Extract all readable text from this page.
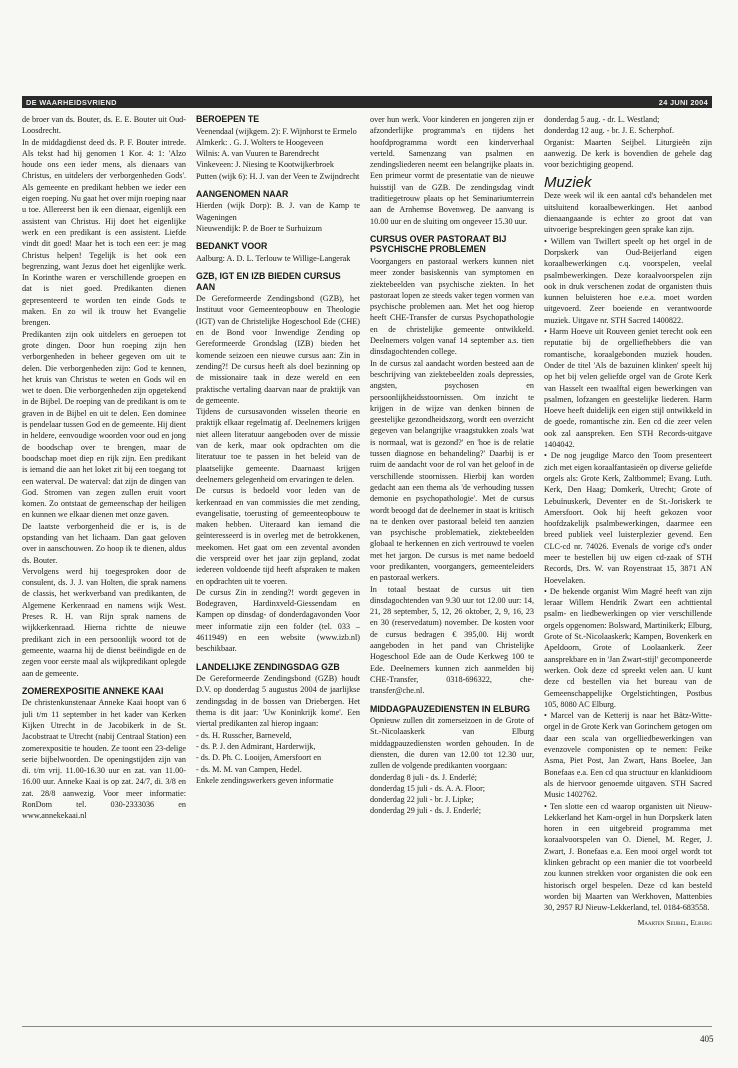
DE WAARHEIDSVRIEND	24 JUNI 2004

de broer van ds. Bouter, ds. E. E. Bouter uit Oud-Loosdrecht.

In de middagdienst deed ds. P. F. Bouter intrede. Als tekst had hij genomen 1 Kor. 4: 1: 'Alzo houde ons een ieder mens, als dienaars van Christus, en uitdelers der verborgenheden Gods'. Als gemeente en predikant hebben we ieder een eigen roeping. Nu gaat het over mijn roeping naar u toe. Allereerst ben ik een dienaar, eigenlijk een assistent van Christus. Hij doet het eigenlijke werk en een predikant is een assistent. Liefde vindt dit goed! Maar het is toch een eer: je mag Christus helpen! Tegelijk is het ook een begrenzing, want Jezus doet het eigenlijke werk. In Korinthe waren er verschillende groepen en dat is niet goed. Predikanten dienen gepresenteerd te worden ten einde Gods te maken. En zo wil ik trouw het Evangelie brengen.

Predikanten zijn ook uitdelers en geroepen tot grote dingen. Door hun roeping zijn hen verborgenheden in beheer gegeven om uit te delen. Die verborgenheden zijn: God te kennen, het kruis van Christus te weten en Gods wil en wet te doen. Die verborgenheden zijn opgetekend in de Bijbel. De roeping van de predikant is om te graven in de Bijbel en uit te delen. Een dominee is pendelaar tussen God en de gemeente. Hij dient in heldere, eenvoudige woorden voor oud en jong de boodschap over te brengen, maar de boodschap moet diep en rijk zijn. Een predikant is iemand die aan het loket zit bij een toegang tot een waterval. De waterval: dat zijn de dingen van God. Stromen van zegen zullen eruit voort komen. Zo ontstaat de gemeenschap der heiligen en kunnen we elkaar dienen met onze gaven.

De laatste verborgenheid die er is, is de opstanding van het lichaam. Dan gaat geloven over in aanschouwen. Zo hoop ik te dienen, aldus ds. Bouter.

Vervolgens werd hij toegesproken door de consulent, ds. J. J. van Holten, die sprak namens de classis, het werkverband van predikanten, de Algemene Kerkenraad en namens wijk West. Preses R. H. van Rijn sprak namens de wijkkerkenraad. Hierna richtte de nieuwe predikant zich in een persoonlijk woord tot de gemeente, waarna hij de dienst beëindigde en de zegen voor eerste maal als wijkpredikant oplegde aan de gemeente.

ZOMEREXPOSITIE ANNEKE KAAI

De christenkunstenaar Anneke Kaai hoopt van 6 juli t/m 11 september in het kader van Kerken Kijken Utrecht in de Jacobikerk in de St. Jacobstraat te Utrecht (nabij Centraal Station) een zomerexpositie te houden. Ze toont een 23-delige serie bijbelwoorden. De openingstijden zijn van di. t/m vrij. 11.00-16.30 uur en zat. van 11.00-16.00 uur. Anneke Kaai is op zat. 24/7, di. 3/8 en zat. 28/8 aanwezig. Voor meer informatie: RonDom tel. 030-2333036 en www.annekekaai.nl

BEROEPEN TE

Veenendaal (wijkgem. 2): F. Wijnhorst te Ermelo

Almkerk: . G. J. Wolters te Hoogeveen

Wilnis: A. van Vuuren te Barendrecht

Vinkeveen: J. Niesing te Kootwijkerbroek

Putten (wijk 6): H. J. van der Veen te Zwijndrecht

AANGENOMEN NAAR

Hierden (wijk Dorp): B. J. van de Kamp te Wageningen

Nieuwendijk: P. de Boer te Surhuizum

BEDANKT VOOR

Aalburg: A. D. L. Terlouw te Willige-Langerak

GZB, IGT EN IZB BIEDEN CURSUS AAN

De Gereformeerde Zendingsbond (GZB), het Instituut voor Gemeenteopbouw en Theologie (IGT) van de Christelijke Hogeschool Ede (CHE) en de Bond voor Inwendige Zending op Gereformeerde Grondslag (IZB) bieden het komende seizoen een nieuwe cursus aan: Zin in zending?! De cursus heeft als doel bezinning op de missionaire taak in deze wereld en een praktische vertaling daarvan naar de praktijk van de gemeente.

Tijdens de cursusavonden wisselen theorie en praktijk elkaar regelmatig af. Deelnemers krijgen niet alleen literatuur aangeboden over de missie van de kerk, maar ook opdrachten om die literatuur toe te passen in het beleid van de plaatselijke gemeente. Daarnaast krijgen deelnemers gelegenheid om ervaringen te delen.

De cursus is bedoeld voor leden van de kerkenraad en van commissies die met zending, evangelisatie, toerusting of gemeenteopbouw te maken hebben. Uiteraard kan iemand die geïnteresseerd is in overleg met de betrokkenen, meekomen. Het gaat om een zevental avonden die verspreid over het jaar zijn gepland, zodat iedereen voldoende tijd heeft afspraken te maken en opdrachten uit te voeren.

De cursus Zin in zending?! wordt gegeven in Bodegraven, Hardinxveld-Giessendam en Kampen op dinsdag- of donderdagavonden Voor meer informatie zijn een folder (tel. 033 – 4611949) en een website (www.izb.nl) beschikbaar.

LANDELIJKE ZENDINGSDAG GZB

De Gereformeerde Zendingsbond (GZB) houdt D.V. op donderdag 5 augustus 2004 de jaarlijkse zendingsdag in de bossen van Driebergen. Het thema is dit jaar: 'Uw Koninkrijk kome'. Een viertal predikanten zal hierop ingaan:

- ds. H. Russcher, Barneveld,

- ds. P. J. den Admirant, Harderwijk,

- ds. D. Ph. C. Looijen, Amersfoort en

- ds. M. M. van Campen, Hedel.

Enkele zendingswerkers geven informatie

over hun werk. Voor kinderen en jongeren zijn er afzonderlijke programma's en tijdens het hoofdprogramma wordt een kinderverhaal verteld. Samenzang van psalmen en zendingsliederen neemt een belangrijke plaats in. Een primeur vormt de presentatie van de nieuwe huisstijl van de GZB. De zendingsdag vindt traditiegetrouw plaats op het Seminariumterrein aan de Arnhemse Bovenweg. De aanvang is 10.00 uur en de sluiting om ongeveer 15.30 uur.

CURSUS OVER PASTORAAT BIJ PSYCHISCHE PROBLEMEN

Voorgangers en pastoraal werkers kunnen niet meer zonder basiskennis van symptomen en ziektebeelden van psychische ziekten. In het pastoraat lopen ze steeds vaker tegen vormen van psychische problemen aan. Met het oog hierop heeft CHE-Transfer de cursus Psychopathologie en de christelijke gemeente ontwikkeld. Deelnemers volgen vanaf 14 september a.s. tien dinsdagochtenden college.

In de cursus zal aandacht worden besteed aan de beschrijving van ziektebeelden zoals depressies, angsten, psychosen en persoonlijkheidsstoornissen. Om inzicht te krijgen in de wijze van denken binnen de geestelijke gezondheidszorg, wordt een overzicht gegeven van belangrijke vraagstukken zoals 'wat is normaal, wat is gezond?' en 'hoe is de relatie tussen diagnose en behandeling?' Daarbij is er ruim de aandacht voor de rol van het geloof in de verschillende stoornissen. Hierbij kan worden gedacht aan een thema als 'de verhouding tussen demonie en psychopathologie'. Met de cursus wordt beoogd dat de deelnemer in staat is kritisch na te denken over pastoraal beleid ten aanzien van psychische problematiek, ziektebeelden globaal te herkennen en zich vertrouwd te voelen met het jargon. De cursus is met name bedoeld voor predikanten, voorgangers, gemeenteleiders en pastoraal werkers.

In totaal bestaat de cursus uit tien dinsdagochtenden van 9.30 uur tot 12.00 uur: 14, 21, 28 september, 5, 12, 26 oktober, 2, 9, 16, 23 en 30 (reservedatum) november. De kosten voor de cursus bedragen € 395,00. Hij wordt aangeboden in het pand van Christelijke Hogeschool Ede aan de Oude Kerkweg 100 te Ede. Deelnemers kunnen zich aanmelden bij CHE-Transfer, 0318-696322, che-transfer@che.nl.

MIDDAGPAUZEDIENSTEN IN ELBURG

Opnieuw zullen dit zomerseizoen in de Grote of St.-Nicolaaskerk van Elburg middagpauzediensten worden gehouden. In de diensten, die duren van 12.00 tot 12.30 uur, zullen de volgende predikanten voorgaan:

donderdag 8 juli - ds. J. Enderlé;

donderdag 15 juli - ds. A. A. Floor;

donderdag 22 juli - br. J. Lipke;

donderdag 29 juli - ds. J. Enderlé;

donderdag 5 aug. - dr. L. Westland;

donderdag 12 aug. - br. J. E. Scherphof.

Organist: Maarten Seijbel. Liturgieën zijn aanwezig. De kerk is bovendien de gehele dag voor bezichtiging geopend.

Muziek

Deze week wil ik een aantal cd's behandelen met uitsluitend koraalbewerkingen. Het aanbod dienaangaande is echter zo groot dat van uitvoerige besprekingen geen sprake kan zijn.

• Willem van Twillert speelt op het orgel in de Dorpskerk van Oud-Beijerland eigen koraalbewerkingen c.q. voorspelen, veelal psalmbewerkingen. Deze koraalvoorspelen zijn ook in druk verschenen zodat de organisten thuis kunnen beluisteren hoe e.e.a. moet worden uitgevoerd. Zeer boeiende en verantwoorde muziek. Uitgave nr. STH Sacred 1400822.

• Harm Hoeve uit Rouveen geniet terecht ook een reputatie bij de orgelliefhebbers die van romantische, koraalgebonden muziek houden. Onder de titel 'Als de bazuinen klinken' speelt hij op het bij velen geliefde orgel van de Grote Kerk van Hasselt een twaalftal eigen bewerkingen van psalmen, lofzangen en geestelijke liederen. Harm Hoeve heeft duidelijk een eigen stijl ontwikkeld in de goede, romantische zin. Een cd die zeer velen ook zal aanspreken. Een STH Records-uitgave 1404042.

• De nog jeugdige Marco den Toom presenteert zich met eigen koraalfantasieën op diverse geliefde orgels als: Grote Kerk, Zaltbommel; Evang. Luth. Kerk, Den Haag; Domkerk, Utrecht; Grote of Lebuïnuskerk, Deventer en de St.-Joriskerk te Amersfoort. Ook hij heeft gekozen voor hoofdzakelijk psalmbewerkingen, daarmee een breed publiek veel luisterplezier gevend. Een CLC-cd nr. 74026. Evenals de vorige cd's onder meer te bestellen bij uw eigen cd-zaak of STH Records, Drs. W. van Royenstraat 15, 3871 AN Hoevelaken.

• De bekende organist Wim Magré heeft van zijn leraar Willem Hendrik Zwart een achttiental psalm- en liedbewerkingen op vier verschillende orgels opgenomen: Bolsward, Martinikerk; Elburg, Grote of St.-Nicolaaskerk; Kampen, Bovenkerk en Apeldoorn, Grote of Loolaankerk. Zeer aansprekbare en in 'Jan Zwart-stijl' gecomponeerde werken. Ook deze cd spreekt velen aan. U kunt deze cd bestellen via het bureau van de Gemeenschappelijke Orgelstichtingen, Postbus 105, 8080 AC Elburg.

• Marcel van de Ketterij is naar het Bätz-Witte-orgel in de Grote Kerk van Gorinchem getogen om daar een scala van orgelliedbewerkingen van evenzovele componisten op te nemen: Feike Asma, Piet Post, Jan Zwart, Hans Boelee, Jan Bonefaas e.a. Een cd qua structuur en klankidioom als de hiervoor genoemde uitgaven. STH Sacred Music 1402762.

• Ten slotte een cd waarop organisten uit Nieuw-Lekkerland het Kam-orgel in hun Dorpskerk laten horen in een uitgebreid programma met koraalvoorspelen van O. Dienel, M. Reger, J. Zwart, J. Bonefaas e.a. Een mooi orgel wordt tot klinken gebracht op een manier die tot voorbeeld zou kunnen strekken voor organisten die ook een historisch orgel bespelen. Deze cd kan besteld worden bij Maarten van Werkhoven, Mattenbies 30, 2957 RJ Nieuw-Lekkerland, tel. 0184-683558.

Maarten Seijbel, Elburg
405
